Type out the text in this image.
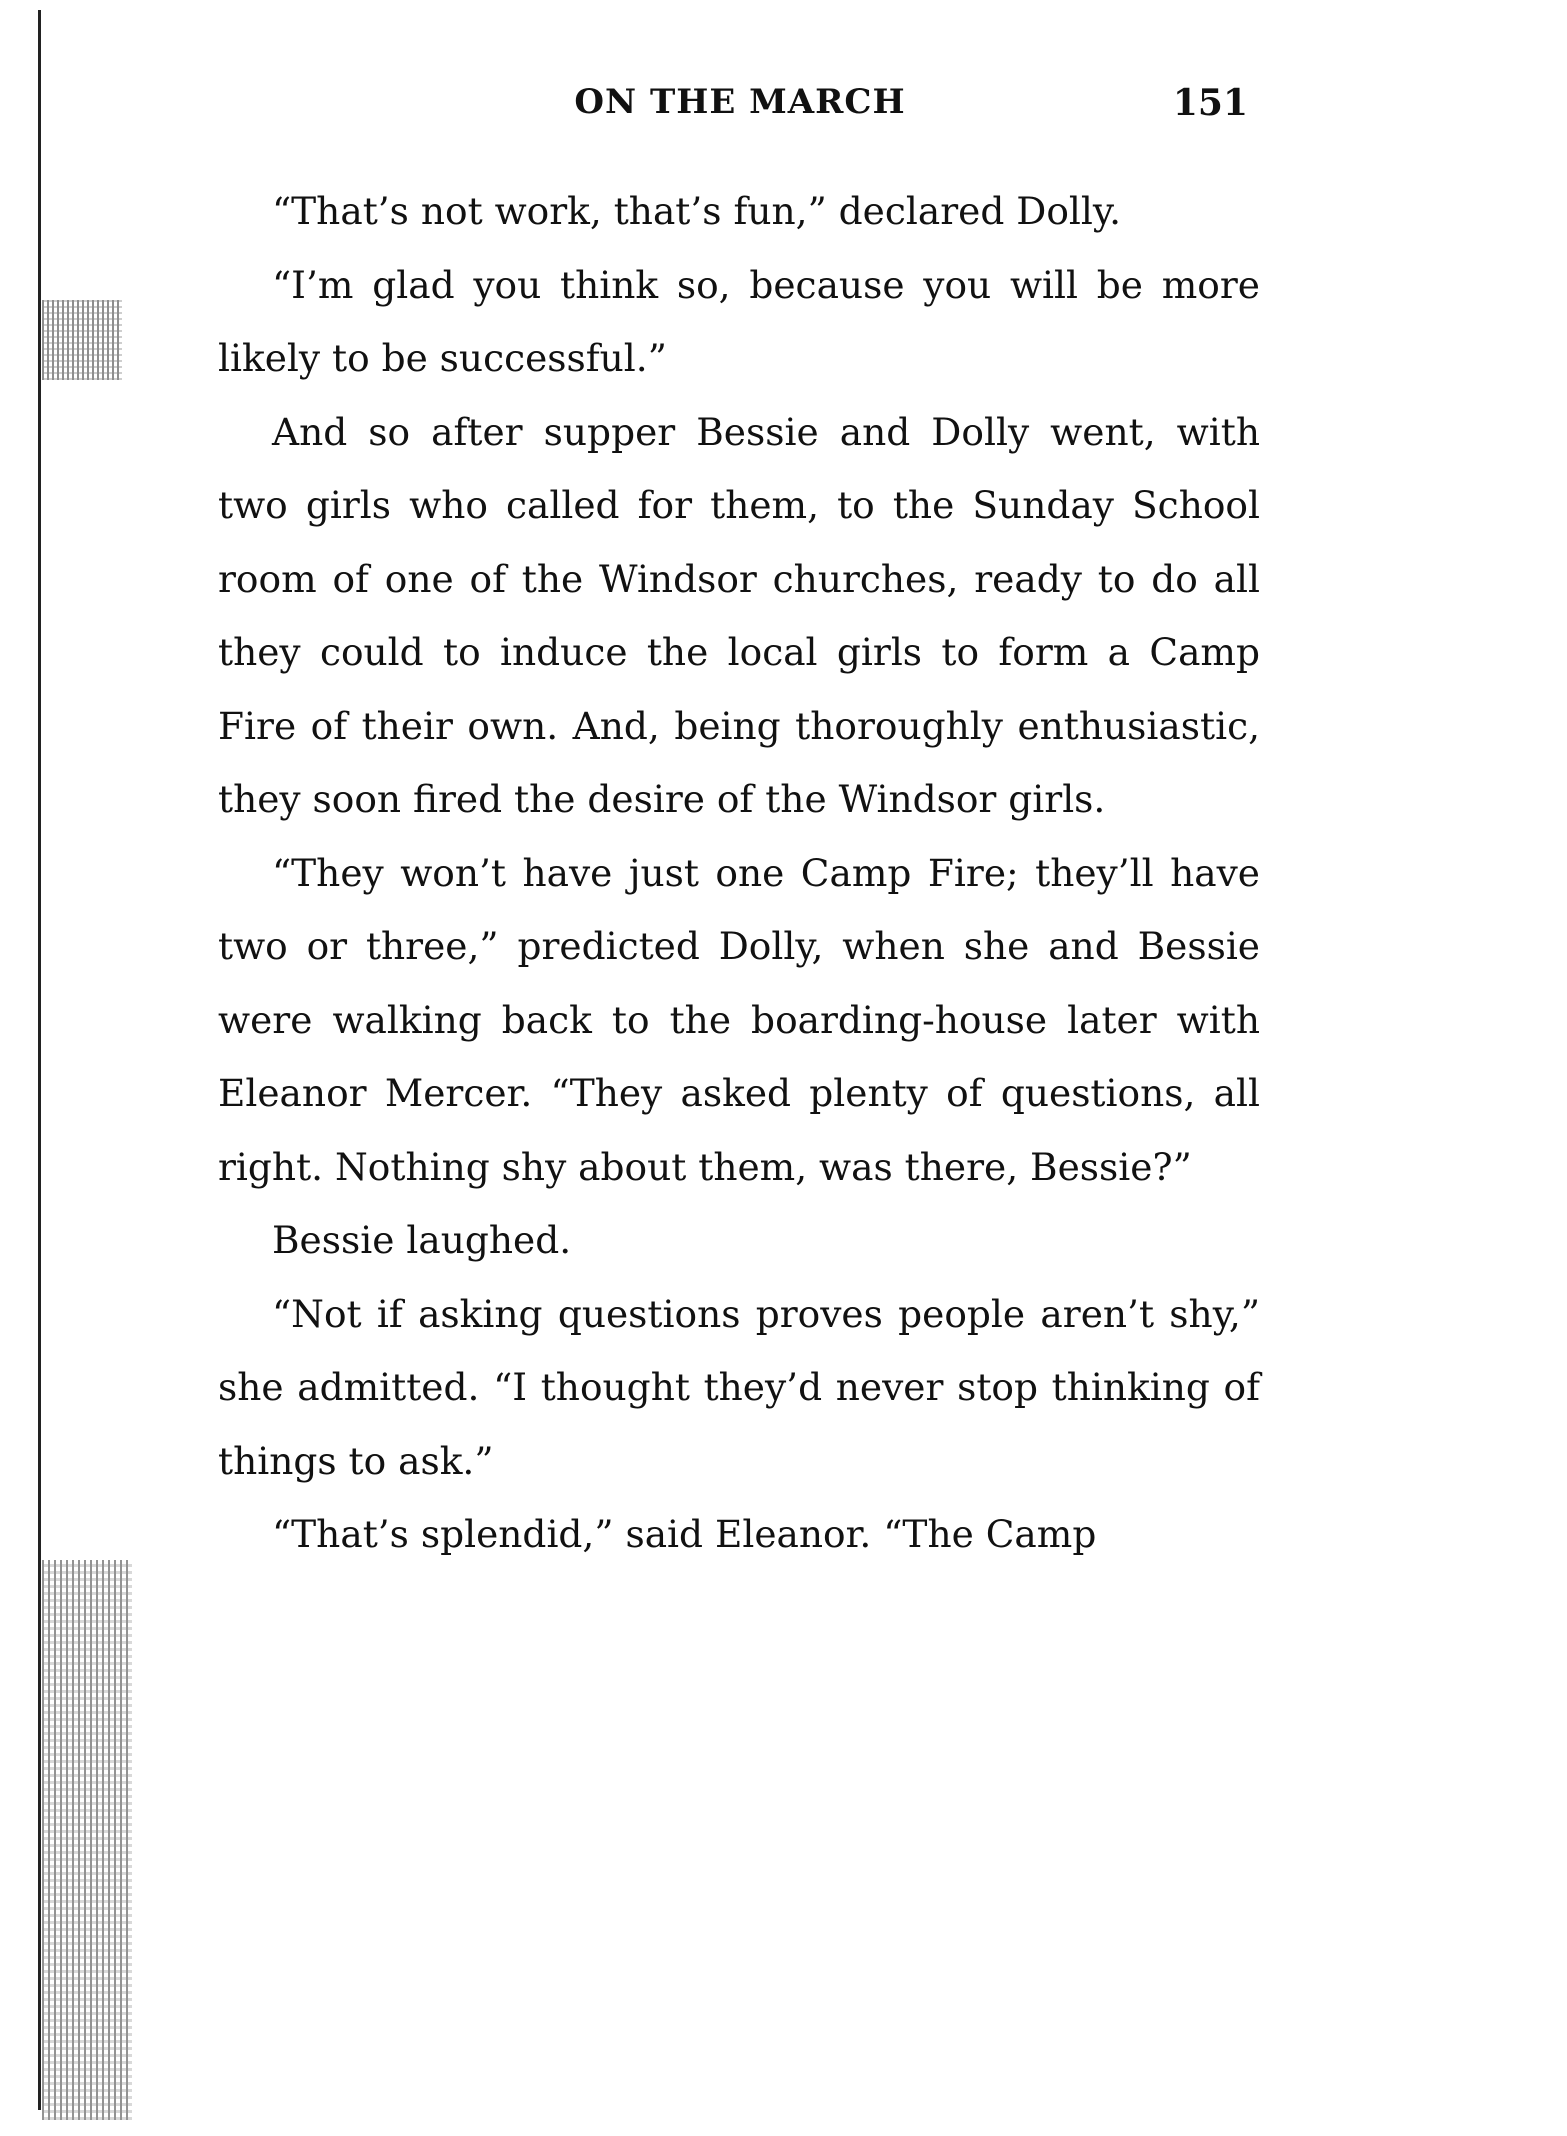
ON THE MARCH	151

“That’s not work, that’s fun,” declared Dolly.

“I’m glad you think so, because you will be more likely to be successful.”

And so after supper Bessie and Dolly went, with two girls who called for them, to the Sunday School room of one of the Windsor churches, ready to do all they could to induce the local girls to form a Camp Fire of their own. And, being thoroughly enthusiastic, they soon fired the desire of the Windsor girls.

“They won’t have just one Camp Fire; they’ll have two or three,” predicted Dolly, when she and Bessie were walking back to the boarding-house later with Eleanor Mercer. “They asked plenty of questions, all right. Nothing shy about them, was there, Bessie?”

Bessie laughed.

“Not if asking questions proves people aren’t shy,” she admitted. “I thought they’d never stop thinking of things to ask.”

“That’s splendid,” said Eleanor. “The Camp
